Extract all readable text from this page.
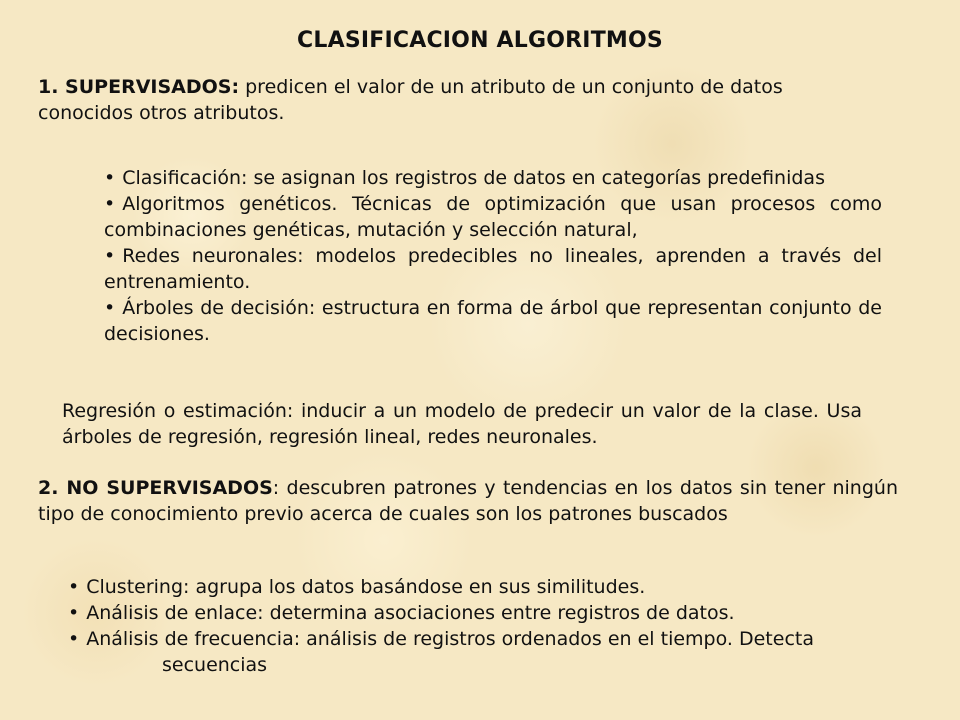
CLASIFICACION ALGORITMOS
1. SUPERVISADOS: predicen el valor de un atributo de un conjunto de datos conocidos otros atributos.
• Clasificación: se asignan los registros de datos en categorías predefinidas
• Algoritmos genéticos. Técnicas de optimización que usan procesos como combinaciones genéticas, mutación y selección natural,
• Redes neuronales: modelos predecibles no lineales, aprenden a través del entrenamiento.
• Árboles de decisión: estructura en forma de árbol que representan conjunto de decisiones.
Regresión o estimación: inducir a un modelo de predecir un valor de la clase. Usa árboles de regresión, regresión lineal, redes neuronales.
2. NO SUPERVISADOS: descubren patrones y tendencias en los datos sin tener ningún tipo de conocimiento previo acerca de cuales son los patrones buscados
• Clustering: agrupa los datos basándose en sus similitudes.
• Análisis de enlace: determina asociaciones entre registros de datos.
• Análisis de frecuencia: análisis de registros ordenados en el tiempo. Detecta
secuencias
